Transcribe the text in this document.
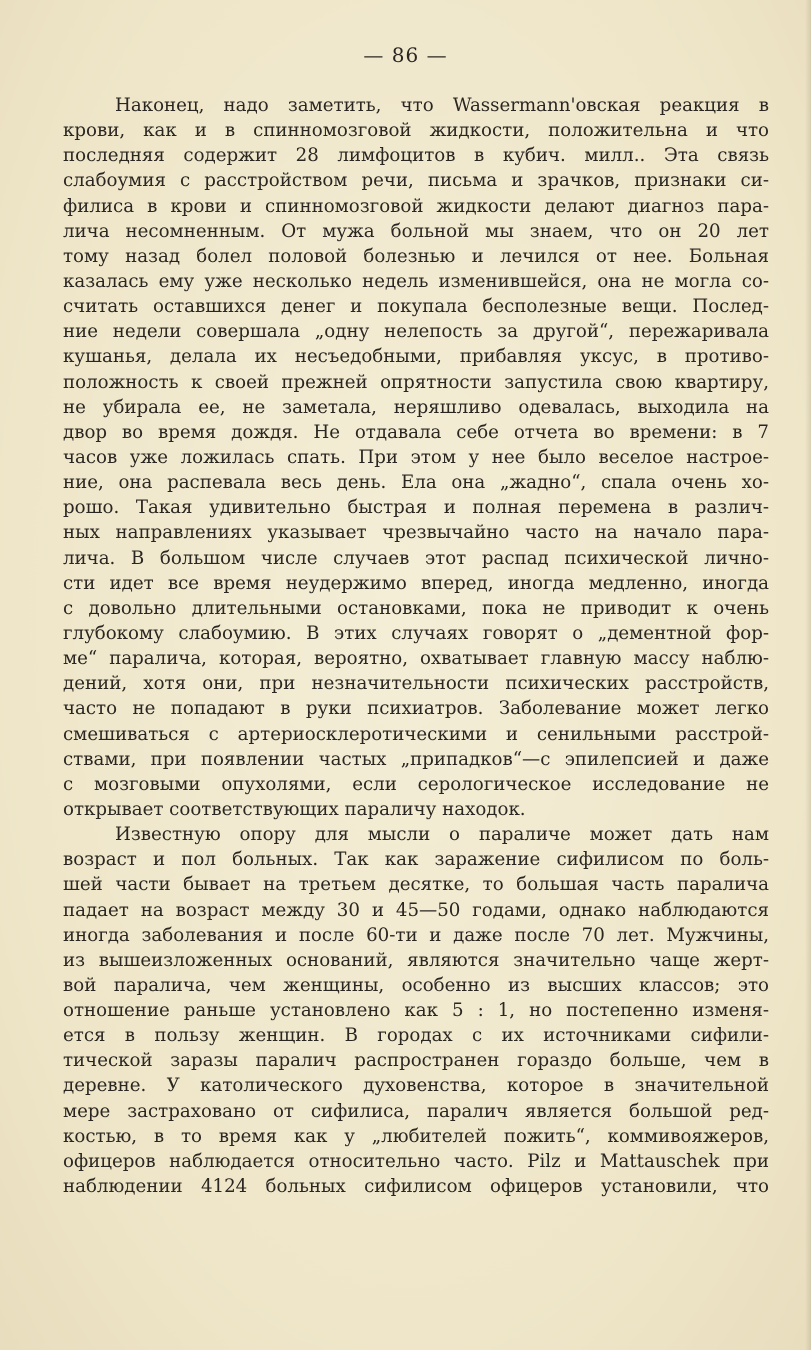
— 86 —
Наконец, надо заметить, что Wassermann'овская реакция в
крови, как и в спинномозговой жидкости, положительна и что
последняя содержит 28 лимфоцитов в кубич. милл.. Эта связь
слабоумия с расстройством речи, письма и зрачков, признаки си-
филиса в крови и спинномозговой жидкости делают диагноз пара-
лича несомненным. От мужа больной мы знаем, что он 20 лет
тому назад болел половой болезнью и лечился от нее. Больная
казалась ему уже несколько недель изменившейся, она не могла со-
считать оставшихся денег и покупала бесполезные вещи. Послед-
ние недели совершала „одну нелепость за другой“, пережаривала
кушанья, делала их несъедобными, прибавляя уксус, в противо-
положность к своей прежней опрятности запустила свою квартиру,
не убирала ее, не заметала, неряшливо одевалась, выходила на
двор во время дождя. Не отдавала себе отчета во времени: в 7
часов уже ложилась спать. При этом у нее было веселое настрое-
ние, она распевала весь день. Ела она „жадно“, спала очень хо-
рошо. Такая удивительно быстрая и полная перемена в различ-
ных направлениях указывает чрезвычайно часто на начало пара-
лича. В большом числе случаев этот распад психической лично-
сти идет все время неудержимо вперед, иногда медленно, иногда
с довольно длительными остановками, пока не приводит к очень
глубокому слабоумию. В этих случаях говорят о „дементной фор-
ме“ паралича, которая, вероятно, охватывает главную массу наблю-
дений, хотя они, при незначительности психических расстройств,
часто не попадают в руки психиатров. Заболевание может легко
смешиваться с артериосклеротическими и сенильными расстрой-
ствами, при появлении частых „припадков“—с эпилепсией и даже
с мозговыми опухолями, если серологическое исследование не
открывает соответствующих параличу находок.
Известную опору для мысли о параличе может дать нам
возраст и пол больных. Так как заражение сифилисом по боль-
шей части бывает на третьем десятке, то большая часть паралича
падает на возраст между 30 и 45—50 годами, однако наблюдаются
иногда заболевания и после 60-ти и даже после 70 лет. Мужчины,
из вышеизложенных оснований, являются значительно чаще жерт-
вой паралича, чем женщины, особенно из высших классов; это
отношение раньше установлено как 5 : 1, но постепенно изменя-
ется в пользу женщин. В городах с их источниками сифили-
тической заразы паралич распространен гораздо больше, чем в
деревне. У католического духовенства, которое в значительной
мере застраховано от сифилиса, паралич является большой ред-
костью, в то время как у „любителей пожить“, коммивояжеров,
офицеров наблюдается относительно часто. Pilz и Mattauschek при
наблюдении 4124 больных сифилисом офицеров установили, что
